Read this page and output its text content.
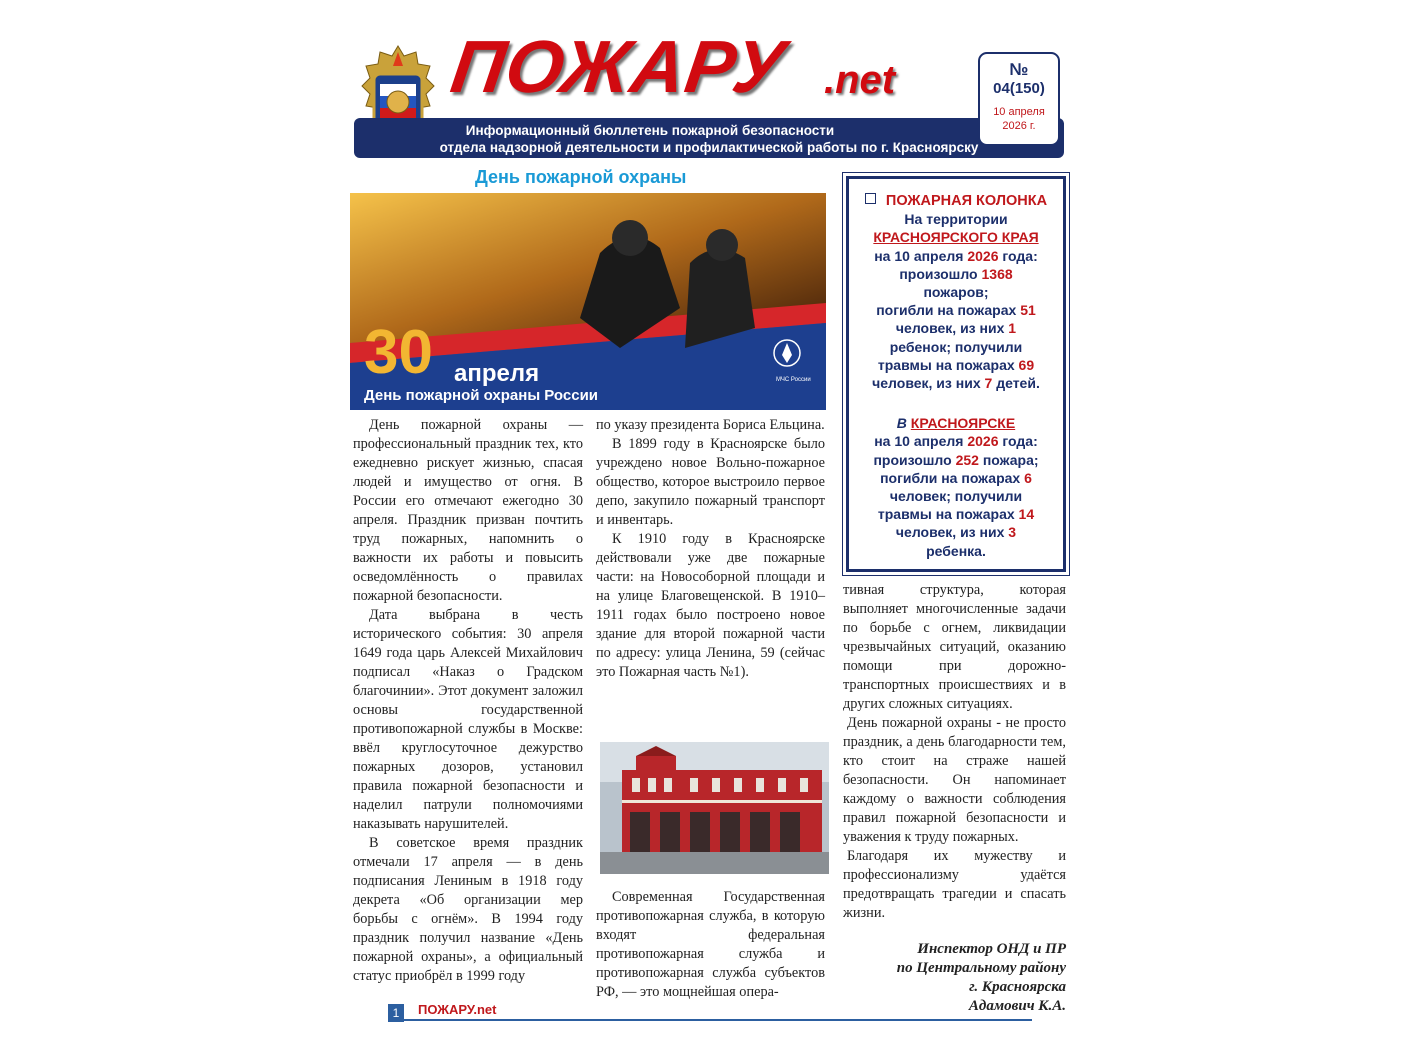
ПОЖАРУ .net
Информационный бюллетень пожарной безопасности
отдела надзорной деятельности и профилактической работы по г. Красноярску
№
04(150)
10 апреля
2026 г.
День пожарной охраны
30 апреля
День пожарной охраны России
МЧС России

День пожарной охраны —профессиональный праздник тех, кто ежедневно рискует жизнью, спасая людей и имущество от огня. В России его отмечают ежегодно 30 апреля. Праздник призван почтить труд пожарных, напомнить о важности их работы и повысить осведомлённость о правилах пожарной безопасности.

Дата выбрана в честь исторического события: 30 апреля 1649 года царь Алексей Михайлович подписал «Наказ о Градском благочинии». Этот документ заложил основы государственной противопожарной службы в Москве: ввёл круглосуточное дежурство пожарных дозоров, установил правила пожарной безопасности и наделил патрули полномочиями наказывать нарушителей.

В советское время праздник отмечали 17 апреля — в день подписания Лениным в 1918 году декрета «Об организации мер борьбы с огнём». В 1994 году праздник получил название «День пожарной охраны», а официальный статус приобрёл в 1999 году

по указу президента Бориса Ельцина.

В 1899 году в Красноярске было учреждено новое Вольно-пожарное общество, которое выстроило первое депо, закупило пожарный транспорт и инвентарь.

К 1910 году в Красноярске действовали уже две пожарные части: на Новособорной площади и на улице Благовещенской. В 1910–1911 годах было построено новое здание для второй пожарной части по адресу: улица Ленина, 59 (сейчас это Пожарная часть №1).

Современная Государственная противопожарная служба, в которую входят федеральная противопожарная служба и противопожарная служба субъектов РФ, — это мощнейшая опера-

ПОЖАРНАЯ КОЛОНКА
На территории
КРАСНОЯРСКОГО КРАЯ
на 10 апреля 2026 года:
произошло 1368
пожаров;
погибли на пожарах 51
человек, из них 1
ребенок; получили
травмы на пожарах 69
человек, из них 7 детей.
В КРАСНОЯРСКЕ
на 10 апреля 2026 года:
произошло 252 пожара;
погибли на пожарах 6
человек; получили
травмы на пожарах 14
человек, из них 3
ребенка.

тивная структура, которая выполняет многочисленные задачи по борьбе с огнем, ликвидации чрезвычайных ситуаций, оказанию помощи при дорожно-транспортных происшествиях и в других сложных ситуациях.

День пожарной охраны - не просто праздник, а день благодарности тем, кто стоит на страже нашей безопасности. Он напоминает каждому о важности соблюдения правил пожарной безопасности и уважения к труду пожарных.

Благодаря их мужеству и профессионализму удаётся предотвращать трагедии и спасать жизни.

Инспектор ОНД и ПР
по Центральному району
г. Красноярска
Адамович К.А.
1	ПОЖАРУ.net
